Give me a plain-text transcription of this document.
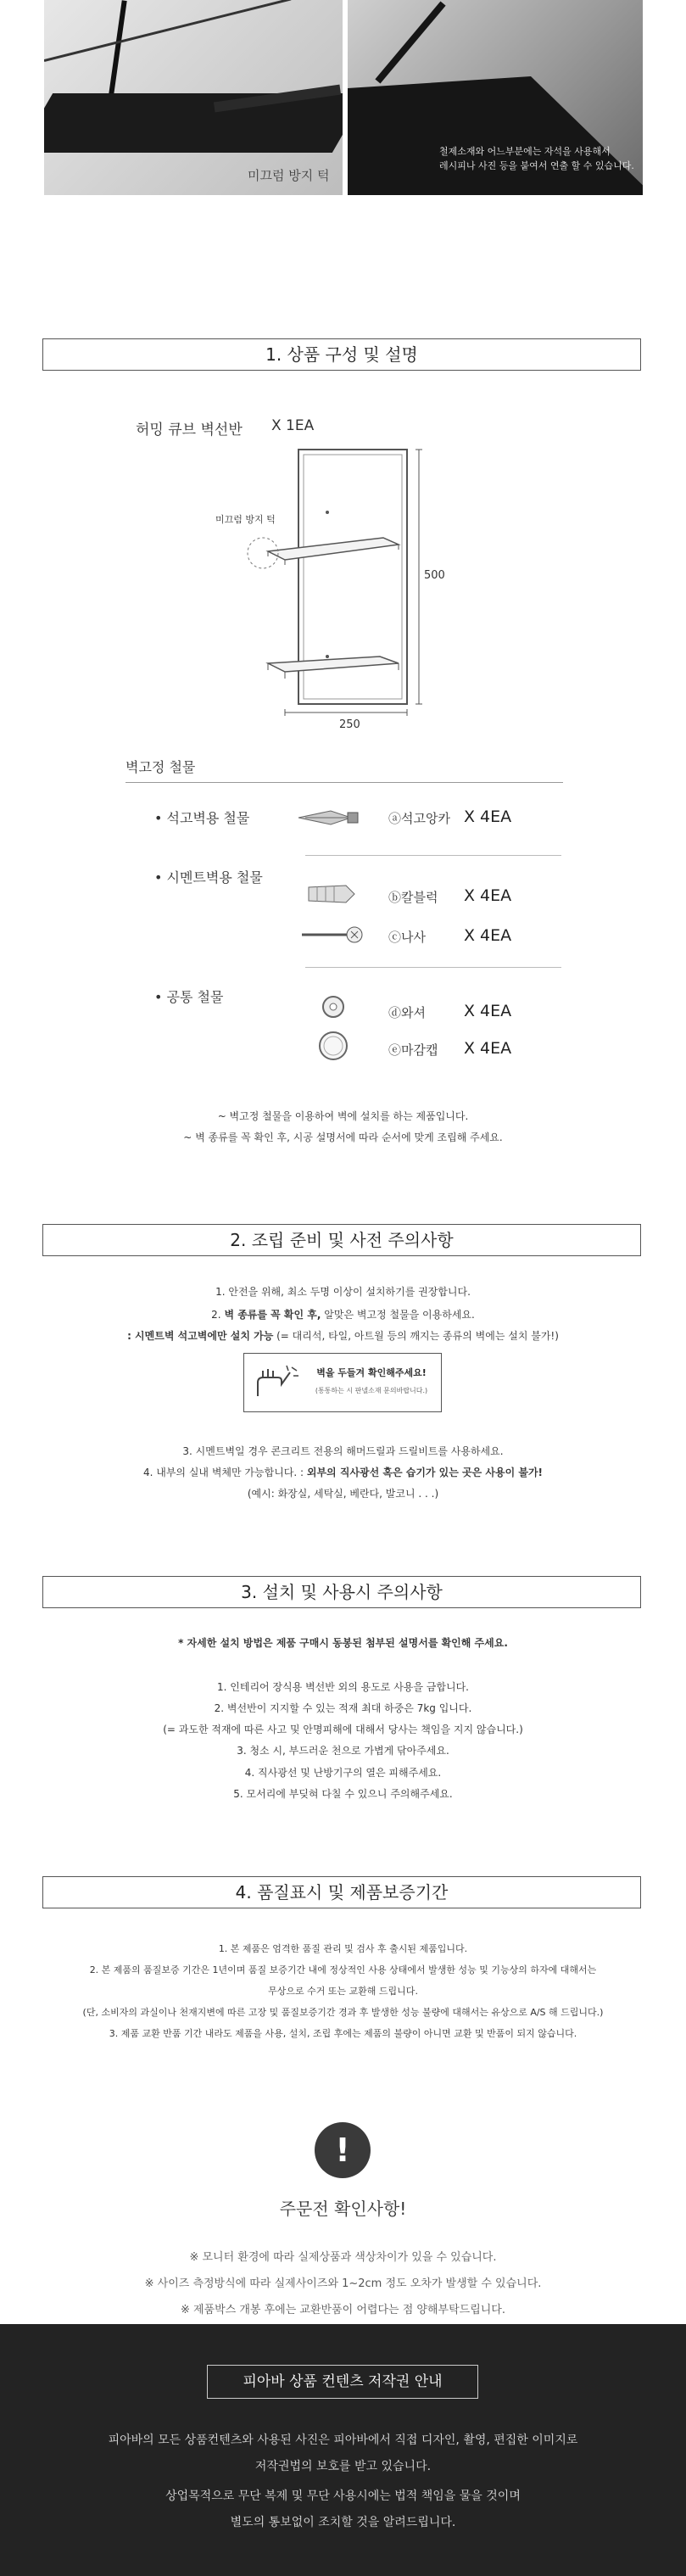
미끄럼 방지 턱
철제소재와 어느부분에는 자석을 사용해서
레시피나 사진 등을 붙여서 연출 할 수 있습니다.
1. 상품 구성 및 설명
허밍 큐브 벽선반 X 1EA
미끄럼 방지 턱
500
250
벽고정 철물
• 석고벽용 철물	ⓐ석고앙카 X 4EA
• 시멘트벽용 철물
ⓑ칼블럭 X 4EA
ⓒ나사 X 4EA
• 공통 철물
ⓓ와셔 X 4EA
ⓔ마감캡 X 4EA
~ 벽고정 철물을 이용하여 벽에 설치를 하는 제품입니다.
~ 벽 종류를 꼭 확인 후, 시공 설명서에 따라 순서에 맞게 조립해 주세요.
2. 조립 준비 및 사전 주의사항
1. 안전을 위해, 최소 두명 이상이 설치하기를 권장합니다.
2. 벽 종류를 꼭 확인 후, 알맞은 벽고정 철물을 이용하세요.
: 시멘트벽 석고벽에만 설치 가능 (= 대리석, 타일, 아트월 등의 깨지는 종류의 벽에는 설치 불가!)
벽을 두들겨 확인해주세요!
(통통하는 시 판넬소재 문의바랍니다.)
3. 시멘트벽일 경우 콘크리트 전용의 해머드릴과 드릴비트를 사용하세요.
4. 내부의 실내 벽체만 가능합니다. : 외부의 직사광선 혹은 습기가 있는 곳은 사용이 불가!
(예시: 화장실, 세탁실, 베란다, 발코니 . . .)
3. 설치 및 사용시 주의사항
* 자세한 설치 방법은 제품 구매시 동봉된 첨부된 설명서를 확인해 주세요.
1. 인테리어 장식용 벽선반 외의 용도로 사용을 금합니다.
2. 벽선반이 지지할 수 있는 적재 최대 하중은 7kg 입니다.
(= 과도한 적재에 따른 사고 및 안명피해에 대해서 당사는 책임을 지지 않습니다.)
3. 청소 시, 부드러운 천으로 가볍게 닦아주세요.
4. 직사광선 및 난방기구의 열은 피해주세요.
5. 모서리에 부딪혀 다칠 수 있으니 주의해주세요.
4. 품질표시 및 제품보증기간
1. 본 제품은 엄격한 품질 관리 및 검사 후 출시된 제품입니다.
2. 본 제품의 품질보증 기간은 1년이며 품질 보증기간 내에 정상적인 사용 상태에서 발생한 성능 및 기능상의 하자에 대해서는
무상으로 수거 또는 교환해 드립니다.
(단, 소비자의 과실이나 천재지변에 따른 고장 및 품질보증기간 경과 후 발생한 성능 불량에 대해서는 유상으로 A/S 해 드립니다.)
3. 제품 교환 반품 기간 내라도 제품을 사용, 설치, 조립 후에는 제품의 불량이 아니면 교환 및 반품이 되지 않습니다.
!
주문전 확인사항!
※ 모니터 환경에 따라 실제상품과 색상차이가 있을 수 있습니다.
※ 사이즈 측정방식에 따라 실제사이즈와 1~2cm 정도 오차가 발생할 수 있습니다.
※ 제품박스 개봉 후에는 교환반품이 어렵다는 점 양해부탁드립니다.
피아바 상품 컨텐츠 저작권 안내
피아바의 모든 상품컨텐츠와 사용된 사진은 피아바에서 직접 디자인, 촬영, 편집한 이미지로
저작권법의 보호를 받고 있습니다.
상업목적으로 무단 복제 및 무단 사용시에는 법적 책임을 물을 것이며
별도의 통보없이 조치할 것을 알려드립니다.
